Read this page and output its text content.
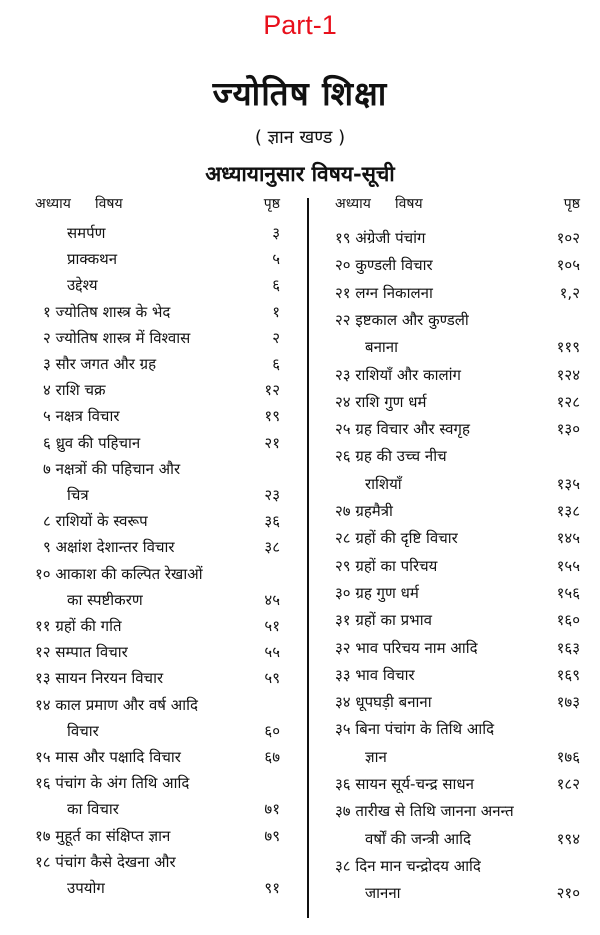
Part-1
ज्योतिष शिक्षा
( ज्ञान खण्ड )
अध्यायानुसार विषय-सूची
अध्याय विषय	पृष्ठ
समर्पण	३
प्राक्कथन	५
उद्देश्य	६
१ ज्योतिष शास्त्र के भेद	१
२ ज्योतिष शास्त्र में विश्वास	२
३ सौर जगत और ग्रह	६
४ राशि चक्र	१२
५ नक्षत्र विचार	१९
६ ध्रुव की पहिचान	२१
७ नक्षत्रों की पहिचान और
चित्र	२३
८ राशियों के स्वरूप	३६
९ अक्षांश देशान्तर विचार	३८
१० आकाश की कल्पित रेखाओं
का स्पष्टीकरण	४५
११ ग्रहों की गति	५१
१२ सम्पात विचार	५५
१३ सायन निरयन विचार	५९
१४ काल प्रमाण और वर्ष आदि
विचार	६०
१५ मास और पक्षादि विचार	६७
१६ पंचांग के अंग तिथि आदि
का विचार	७१
१७ मुहूर्त का संक्षिप्त ज्ञान	७९
१८ पंचांग कैसे देखना और
उपयोग	९१
अध्याय विषय	पृष्ठ
१९ अंग्रेजी पंचांग	१०२
२० कुण्डली विचार	१०५
२१ लग्न निकालना	१,२
२२ इष्टकाल और कुण्डली
बनाना	११९
२३ राशियाँ और कालांग	१२४
२४ राशि गुण धर्म	१२८
२५ ग्रह विचार और स्वगृह	१३०
२६ ग्रह की उच्च नीच
राशियाँ	१३५
२७ ग्रहमैत्री	१३८
२८ ग्रहों की दृष्टि विचार	१४५
२९ ग्रहों का परिचय	१५५
३० ग्रह गुण धर्म	१५६
३१ ग्रहों का प्रभाव	१६०
३२ भाव परिचय नाम आदि	१६३
३३ भाव विचार	१६९
३४ धूपघड़ी बनाना	१७३
३५ बिना पंचांग के तिथि आदि
ज्ञान	१७६
३६ सायन सूर्य-चन्द्र साधन	१८२
३७ तारीख से तिथि जानना अनन्त
वर्षों की जन्त्री आदि	१९४
३८ दिन मान चन्द्रोदय आदि
जानना	२१०
